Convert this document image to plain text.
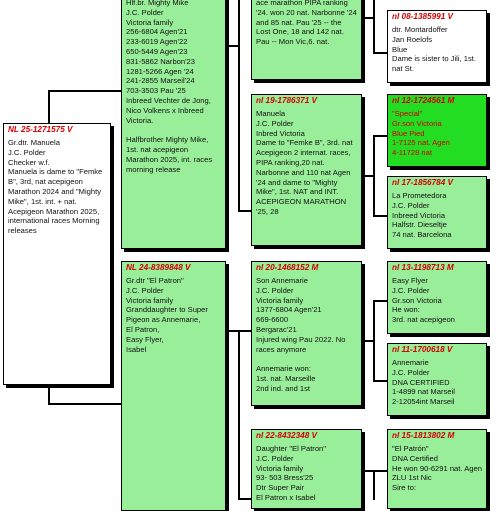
NL 25-1271575 V
Gr.dtr. Manuela
J.C. Polder
Checker w.f.
Manuela is dame to "Femke B", 3rd, nat acepigeon Marathon 2024 and "Mighty Mike", 1st. int. + nat. Acepigeon Marathon 2025, international races Morning releases
Hlf.br. Mighty Mike
J.C. Polder
Victoria family
256-6804 Agen'21
233-6019 Agen'22
650-5449 Agen'23
831-5862 Narbon'23
1281-5266 Agen '24
241-2855 Marseil'24
703-3503 Pau '25
Inbreed Vechter de Jong, Nico Volkens x Inbreed Victoria.

Halfbrother Mighty Mike, 1st. nat acepigeon Marathon 2025, int. races morning release
NL 24-8389848 V
Gr.dtr "El Patron"
J.C. Polder
Victoria family
Granddaughter to Super Pigeon as Annemarie,
El Patron,
Easy Flyer,
Isabel
ace marathon PIPA ranking '24. won 20 nat. Narbonne '24 and 85 nat. Pau '25 -- the Lost One, 18 and 142 nat. Pau -- Mon Vic,6. nat.
nl 19-1786371 V
Manuela
J.C. Polder
Inbred Victoria
Dame to "Femke B", 3rd. nat Acepigeon 2 internat. races, PIPA ranking,20 nat. Narbonne and 110 nat Agen '24 and dame to "Mighty Mike", 1st. NAT and INT. ACEPIGEON MARATHON '25, 28
nl 20-1468152 M
Son Annemarie
J.C. Polder
Victoria family
1377-6804 Agen'21
669-6600
Bergarac'21
Injured wing Pau 2022. No races anymore

Annemarie won:
1st. nat. Marseille
2nd ind. and 1st
nl 22-8432348 V
Daughter "El Patron"
J.C. Polder
Victoria family
93- 503 Bress'25
Dtr Super Pair
El Patron x Isabel
nl 08-1385991 V
dtr. Montardoffer
Jan Roelofs
Blue
Dame is sister to Jili, 1st. nat St.
nl 12-1724561 M
"Special"
Gr.son Victoria
Blue Pied
1-7125 nat. Agen
4-11728 nat
nl 17-1856784 V
La Prometedora
J.C. Polder
Inbreed Victoria
Halfstr. Dieseltje
74 nat. Barcelona
nl 13-1198713 M
Easy Flyer
J.C. Polder
Gr.son Victoria
He won:
3rd. nat acepigeon
nl 11-1700618 V
Annemarie
J.C. Polder
DNA CERTIFIED
1-4899 nat Marseil
2-12054int Marseil
nl 15-1813802 M
"El Patrón"
DNA Certified
He won 90-6291 nat. Agen ZLU 1st Nic
Sire to:
